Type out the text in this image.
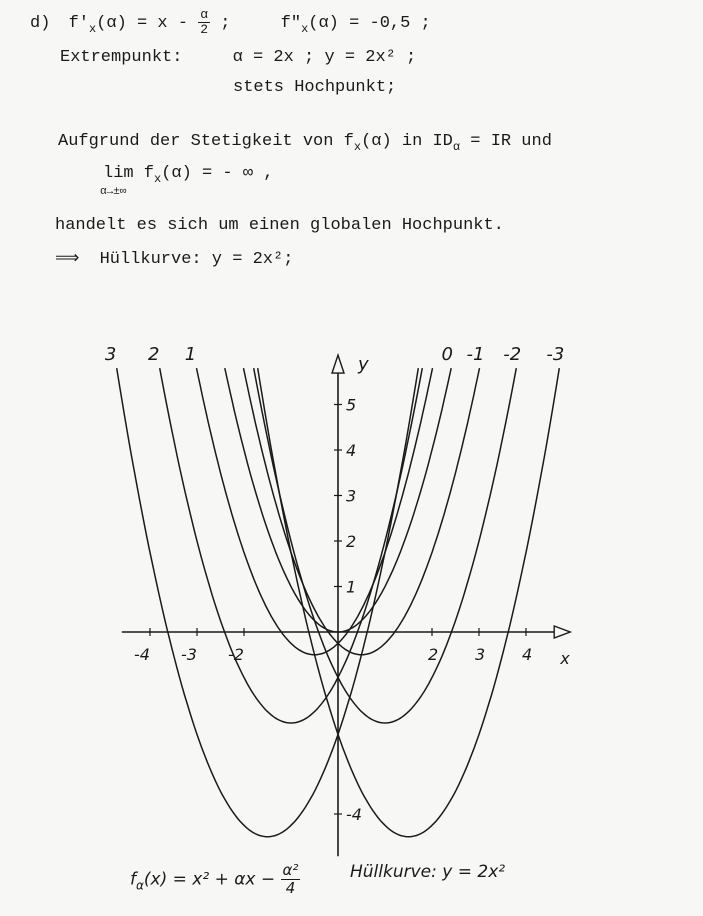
d) $f'_x(\alpha) = x - \frac{\alpha}{2}$ ;	$f"_x(\alpha) = -0,5$ ;
Extrempunkt:	α = 2x ; y = 2x² ;
stets Hochpunkt;
Aufgrund der Stetigkeit von $f_x(\alpha)$ in $ID_\alpha$ = IR und
$\lim f_x(\alpha)$ = - ∞ ,
α→±∞
handelt es sich um einen globalen Hochpunkt.
⟹ Hüllkurve: y = 2x²;
x
y
-4 -3 -2	2 3 4
-4
1
2
3
4
5
3 2 1	0 -1 -2 -3
$f_\alpha(x) = x^2 + \alpha x - \frac{\text{α²}}{4}$	Hüllkurve: y = 2x²
